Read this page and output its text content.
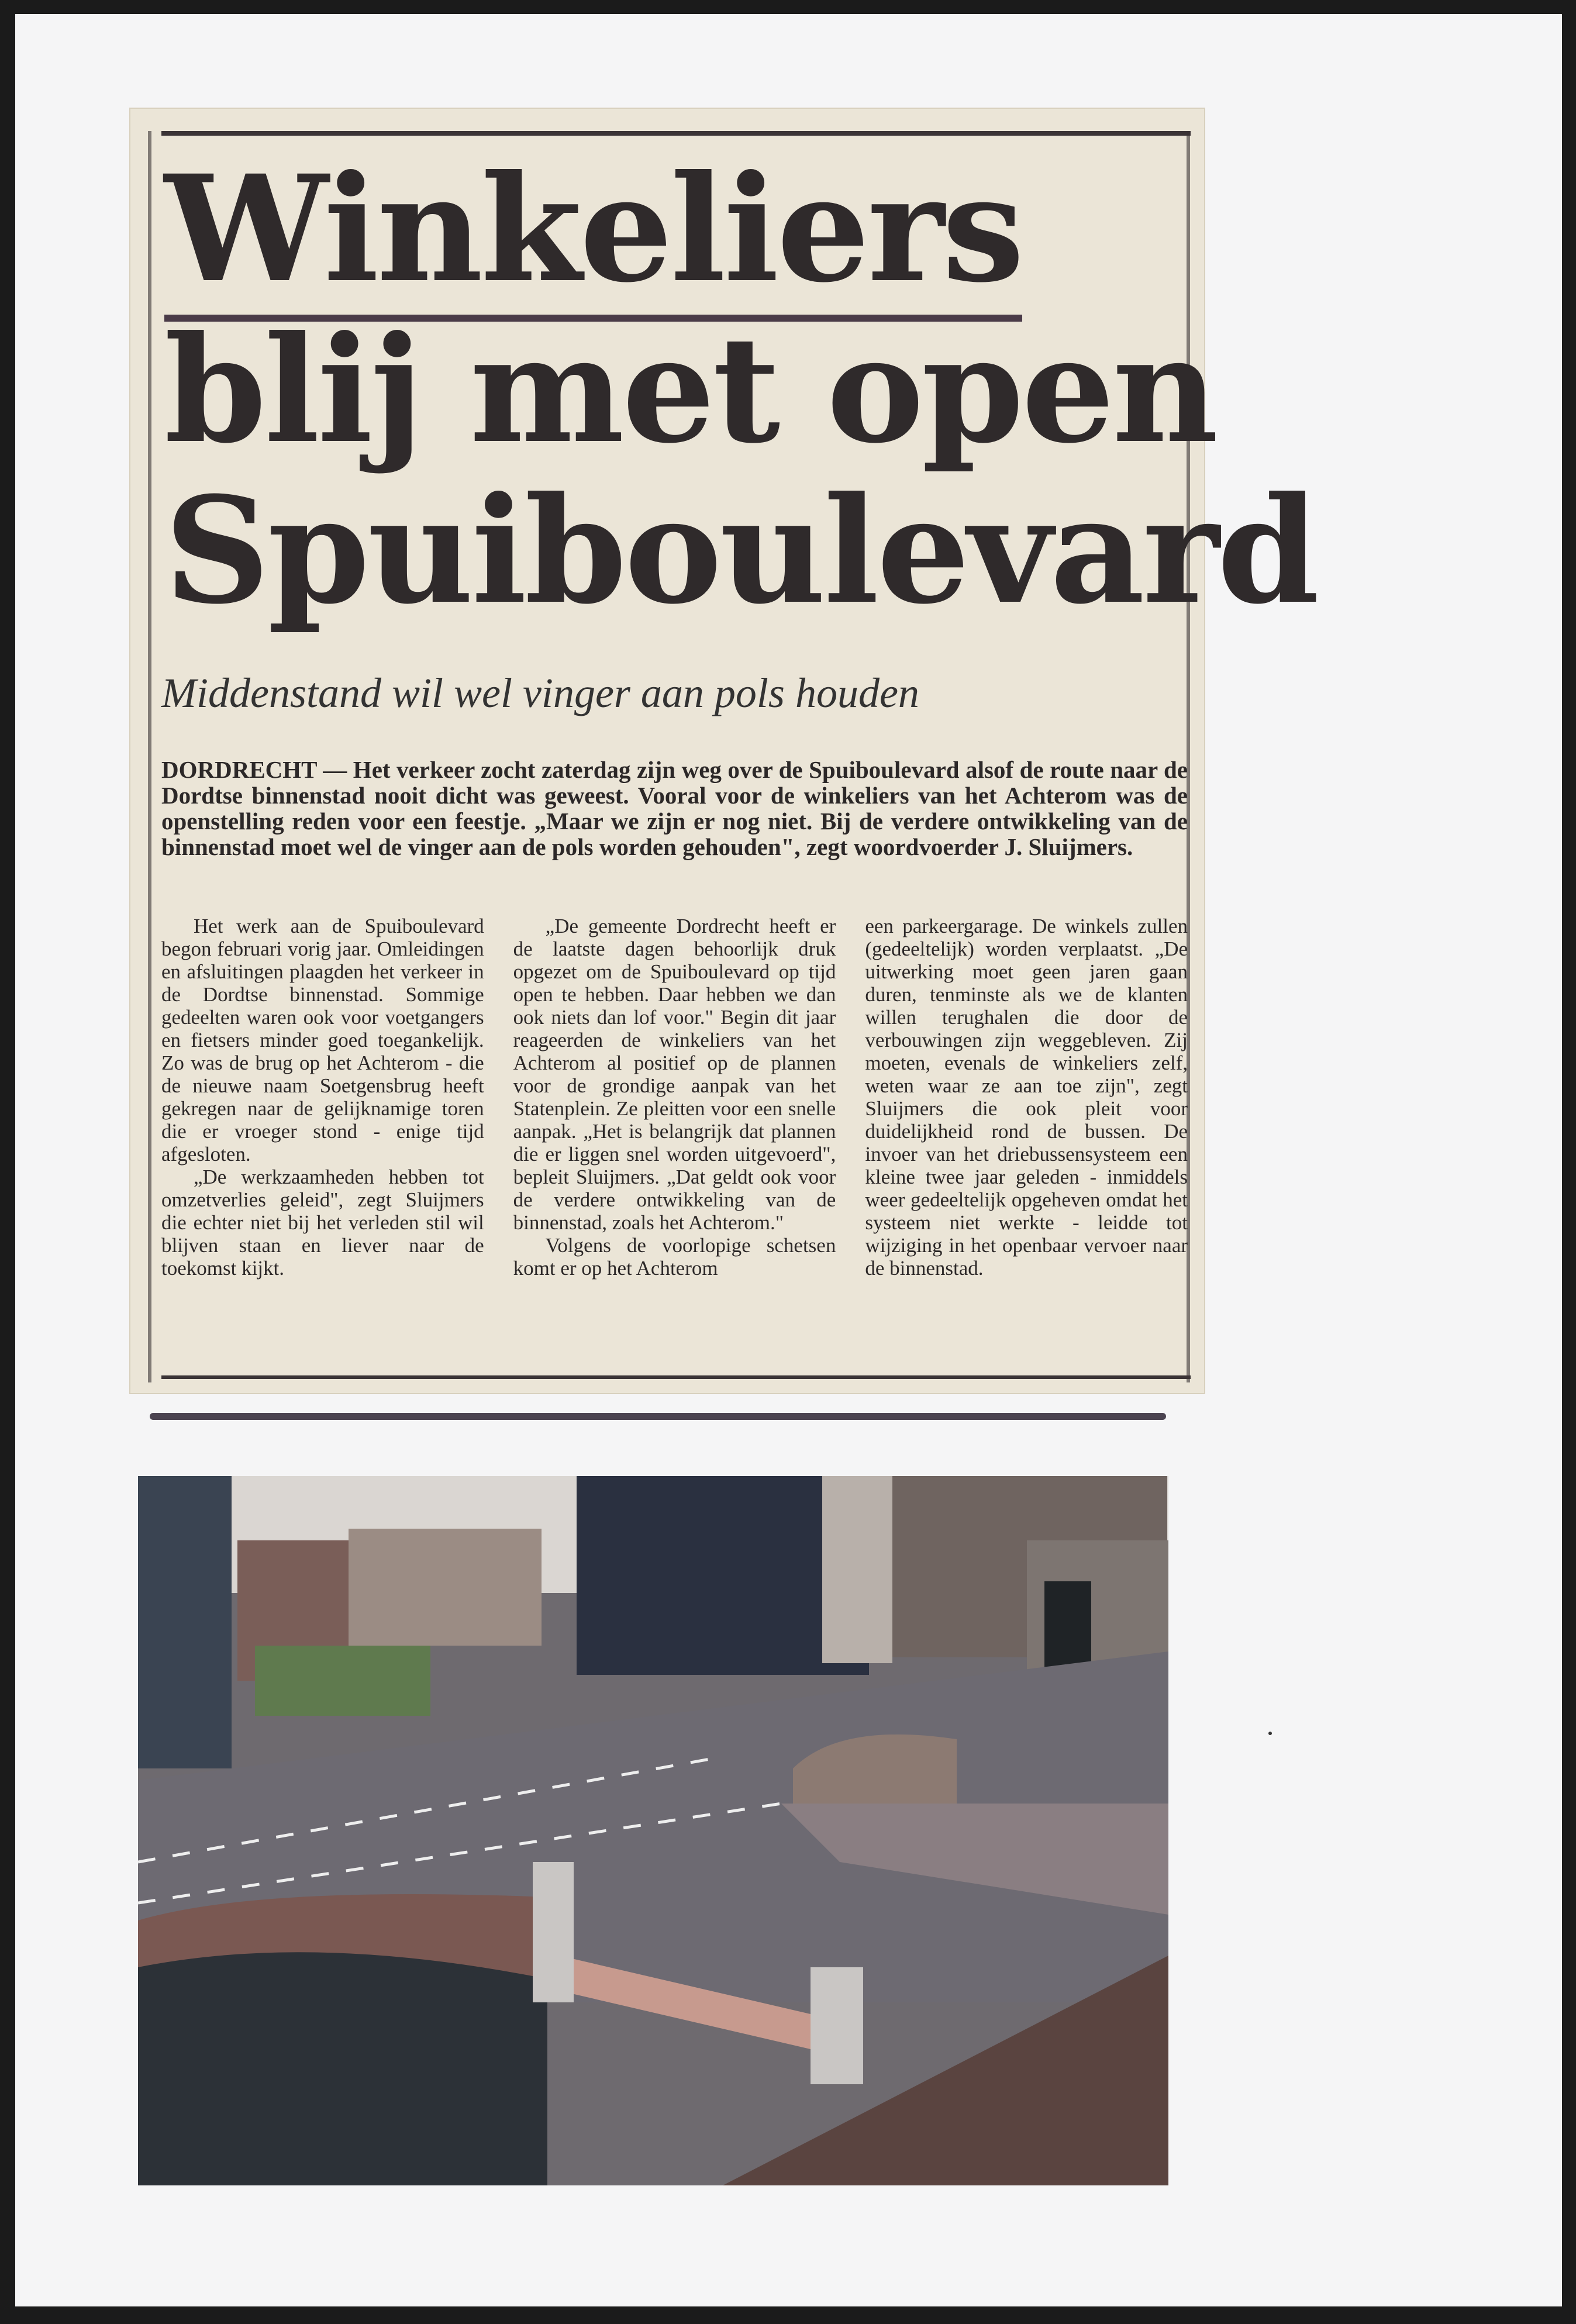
Winkeliers
blij met open
Spuiboulevard

Middenstand wil wel vinger aan pols houden

DORDRECHT — Het verkeer zocht zaterdag zijn weg over de Spuiboulevard alsof de route naar de Dordtse binnenstad nooit dicht was geweest. Vooral voor de winkeliers van het Achterom was de openstelling reden voor een feestje. „Maar we zijn er nog niet. Bij de verdere ontwikkeling van de binnenstad moet wel de vinger aan de pols worden gehouden", zegt woordvoerder J. Sluijmers.

Het werk aan de Spuiboulevard begon februari vorig jaar. Omleidingen en afsluitingen plaagden het verkeer in de Dordtse binnenstad. Sommige gedeelten waren ook voor voetgangers en fietsers minder goed toegankelijk. Zo was de brug op het Achterom - die de nieuwe naam Soetgensbrug heeft gekregen naar de gelijknamige toren die er vroeger stond - enige tijd afgesloten.

„De werkzaamheden hebben tot omzetverlies geleid", zegt Sluijmers die echter niet bij het verleden stil wil blijven staan en liever naar de toekomst kijkt.

„De gemeente Dordrecht heeft er de laatste dagen behoorlijk druk opgezet om de Spuiboulevard op tijd open te hebben. Daar hebben we dan ook niets dan lof voor." Begin dit jaar reageerden de winkeliers van het Achterom al positief op de plannen voor de grondige aanpak van het Statenplein. Ze pleitten voor een snelle aanpak. „Het is belangrijk dat plannen die er liggen snel worden uitgevoerd", bepleit Sluijmers. „Dat geldt ook voor de verdere ontwikkeling van de binnenstad, zoals het Achterom."

Volgens de voorlopige schetsen komt er op het Achterom

een parkeergarage. De winkels zullen (gedeeltelijk) worden verplaatst. „De uitwerking moet geen jaren gaan duren, tenminste als we de klanten willen terughalen die door de verbouwingen zijn weggebleven. Zij moeten, evenals de winkeliers zelf, weten waar ze aan toe zijn", zegt Sluijmers die ook pleit voor duidelijkheid rond de bussen. De invoer van het driebussensysteem een kleine twee jaar geleden - inmiddels weer gedeeltelijk opgeheven omdat het systeem niet werkte - leidde tot wijziging in het openbaar vervoer naar de binnenstad.
